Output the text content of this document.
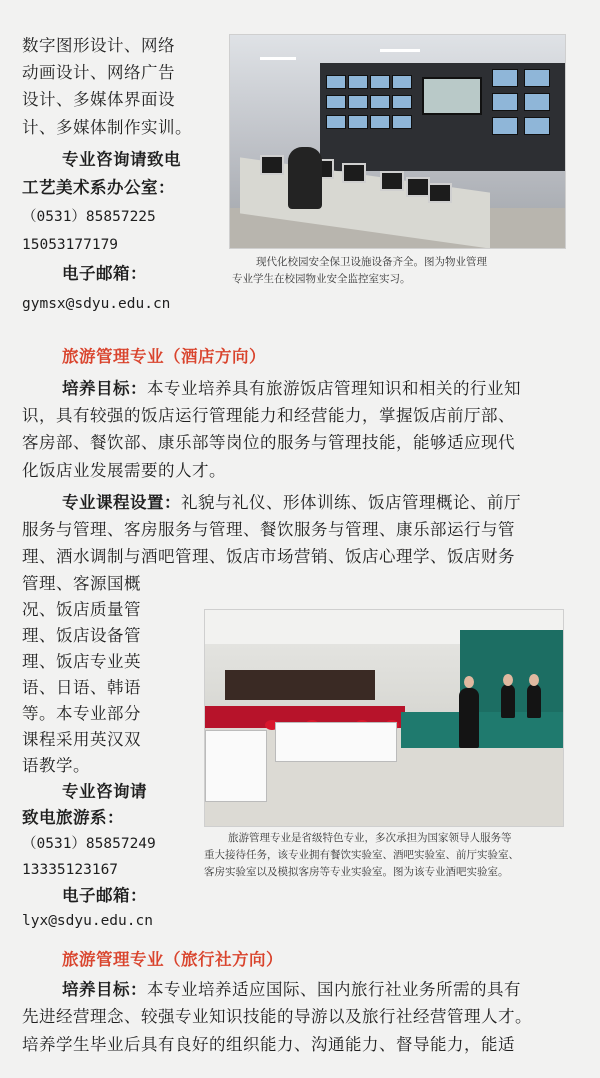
数字图形设计、网络
动画设计、网络广告
设计、多媒体界面设
计、多媒体制作实训。
专业咨询请致电
工艺美术系办公室：
（0531）85857225
15053177179
电子邮箱：
gymsx@sdyu.edu.cn
现代化校园安全保卫设施设备齐全。图为物业管理
专业学生在校园物业安全监控室实习。
旅游管理专业（酒店方向）
培养目标：本专业培养具有旅游饭店管理知识和相关的行业知
识，具有较强的饭店运行管理能力和经营能力，掌握饭店前厅部、
客房部、餐饮部、康乐部等岗位的服务与管理技能，能够适应现代
化饭店业发展需要的人才。
专业课程设置：礼貌与礼仪、形体训练、饭店管理概论、前厅
服务与管理、客房服务与管理、餐饮服务与管理、康乐部运行与管
理、酒水调制与酒吧管理、饭店市场营销、饭店心理学、饭店财务
管理、客源国概
况、饭店质量管
理、饭店设备管
理、饭店专业英
语、日语、韩语
等。本专业部分
课程采用英汉双
语教学。
专业咨询请
致电旅游系：
（0531）85857249
13335123167
电子邮箱：
lyx@sdyu.edu.cn
旅游管理专业是省级特色专业，多次承担为国家领导人服务等
重大接待任务，该专业拥有餐饮实验室、酒吧实验室、前厅实验室、
客房实验室以及模拟客房等专业实验室。图为该专业酒吧实验室。
旅游管理专业（旅行社方向）
培养目标：本专业培养适应国际、国内旅行社业务所需的具有
先进经营理念、较强专业知识技能的导游以及旅行社经营管理人才。
培养学生毕业后具有良好的组织能力、沟通能力、督导能力，能适
